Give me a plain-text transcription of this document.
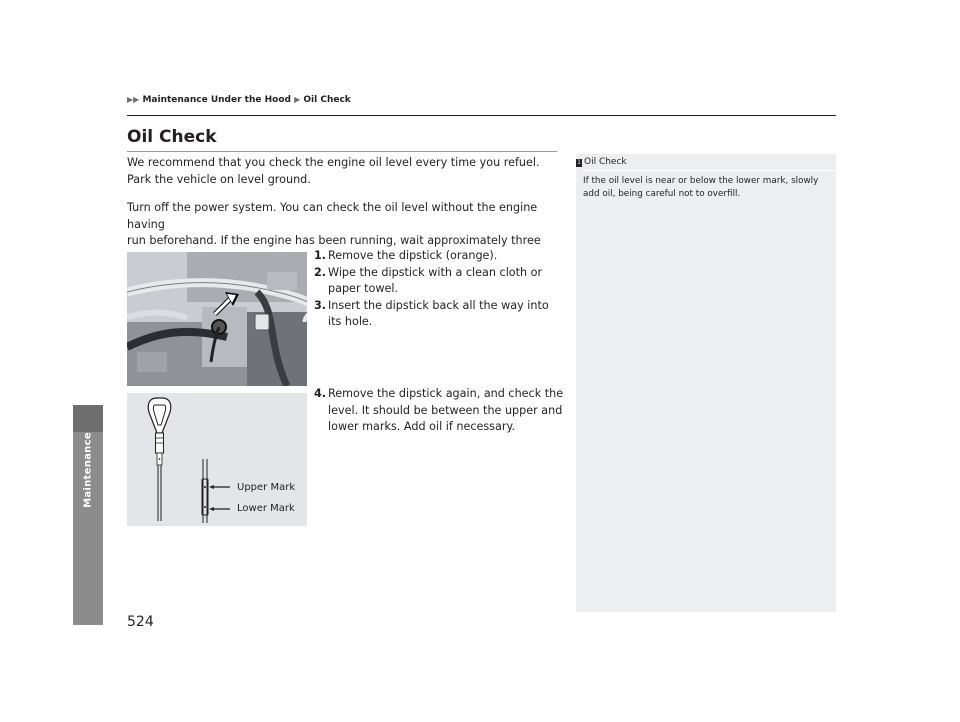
Maintenance
▶▶ Maintenance Under the Hood ▶ Oil Check
Oil Check
We recommend that you check the engine oil level every time you refuel.
Park the vehicle on level ground.
Turn off the power system. You can check the oil level without the engine having
run beforehand. If the engine has been running, wait approximately three
1. Remove the dipstick (orange).
2. Wipe the dipstick with a clean cloth or paper towel.
3. Insert the dipstick back all the way into its hole.
4. Remove the dipstick again, and check the level. It should be between the upper and lower marks. Add oil if necessary.
Upper Mark
Lower Mark
1 Oil Check
If the oil level is near or below the lower mark, slowly add oil, being careful not to overfill.
524
